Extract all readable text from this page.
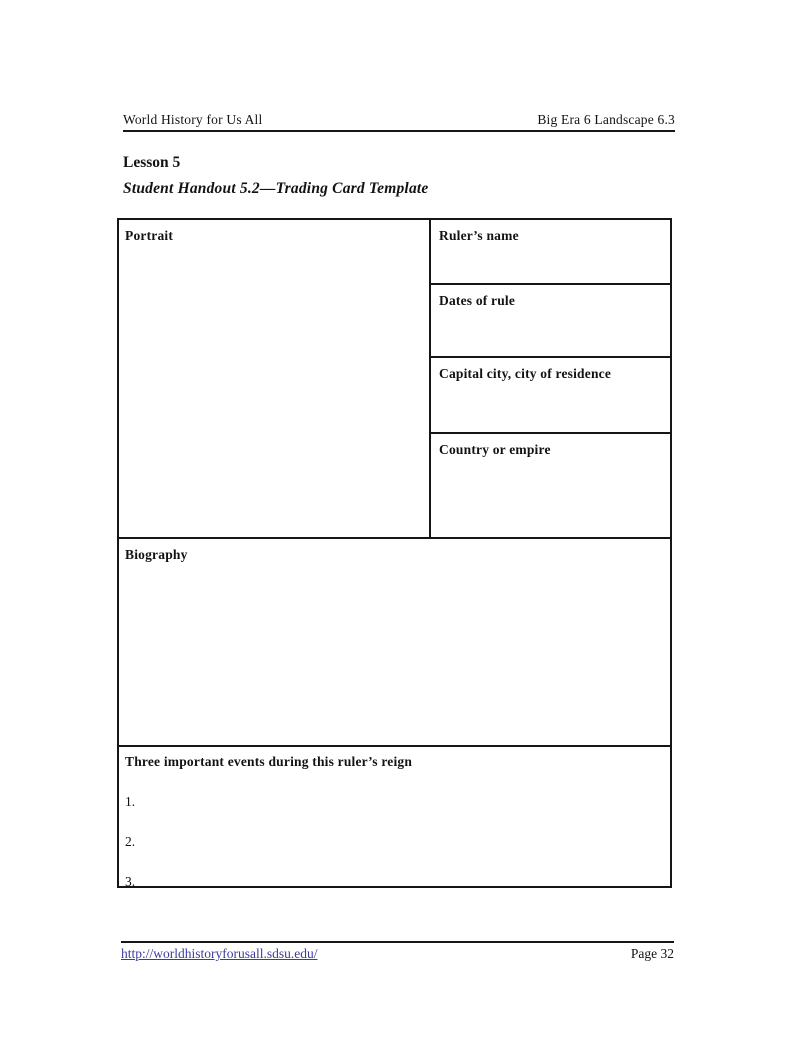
World History for Us All	Big Era 6 Landscape 6.3
Lesson 5
Student Handout 5.2—Trading Card Template
Portrait	Ruler’s name
Dates of rule
Capital city, city of residence
Country or empire
Biography
Three important events during this ruler’s reign
1.
2.
3.
http://worldhistoryforusall.sdsu.edu/	Page 32
